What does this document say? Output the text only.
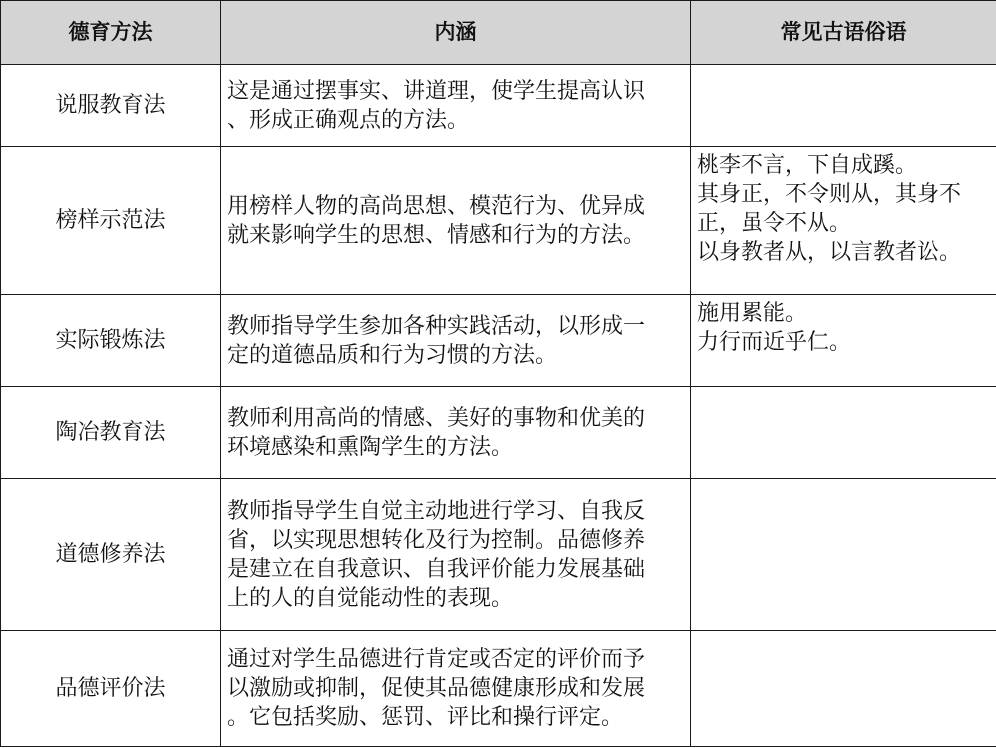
德育方法	内涵	常见古语俗语
说服教育法	这是通过摆事实、讲道理，使学生提高认识
、形成正确观点的方法。	

榜样示范法	用榜样人物的高尚思想、模范行为、优异成
就来影响学生的思想、情感和行为的方法。	桃李不言，下自成蹊。
其身正，不令则从，其身不
正，虽令不从。
以身教者从，以言教者讼。

实际锻炼法	教师指导学生参加各种实践活动，以形成一
定的道德品质和行为习惯的方法。	施用累能。
力行而近乎仁。

陶冶教育法	教师利用高尚的情感、美好的事物和优美的
环境感染和熏陶学生的方法。	

道德修养法	教师指导学生自觉主动地进行学习、自我反
省，以实现思想转化及行为控制。品德修养
是建立在自我意识、自我评价能力发展基础
上的人的自觉能动性的表现。	

品德评价法	通过对学生品德进行肯定或否定的评价而予
以激励或抑制，促使其品德健康形成和发展
。它包括奖励、惩罚、评比和操行评定。	
